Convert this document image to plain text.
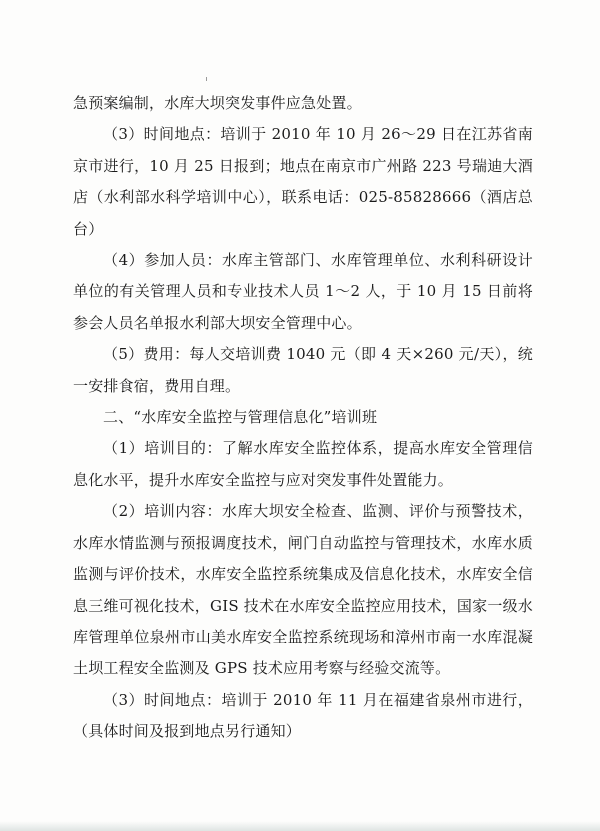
急预案编制，水库大坝突发事件应急处置。

（3）时间地点：培训于 2010 年 10 月 26～29 日在江苏省南京市进行，10 月 25 日报到；地点在南京市广州路 223 号瑞迪大酒店（水利部水科学培训中心），联系电话：025-85828666（酒店总台）

（4）参加人员：水库主管部门、水库管理单位、水利科研设计单位的有关管理人员和专业技术人员 1～2 人，于 10 月 15 日前将参会人员名单报水利部大坝安全管理中心。

（5）费用：每人交培训费 1040 元（即 4 天×260 元/天），统一安排食宿，费用自理。

二、“水库安全监控与管理信息化”培训班

（1）培训目的：了解水库安全监控体系，提高水库安全管理信息化水平，提升水库安全监控与应对突发事件处置能力。

（2）培训内容：水库大坝安全检查、监测、评价与预警技术，水库水情监测与预报调度技术，闸门自动监控与管理技术，水库水质监测与评价技术，水库安全监控系统集成及信息化技术，水库安全信息三维可视化技术，GIS 技术在水库安全监控应用技术，国家一级水库管理单位泉州市山美水库安全监控系统现场和漳州市南一水库混凝土坝工程安全监测及 GPS 技术应用考察与经验交流等。

（3）时间地点：培训于 2010 年 11 月在福建省泉州市进行，（具体时间及报到地点另行通知）
